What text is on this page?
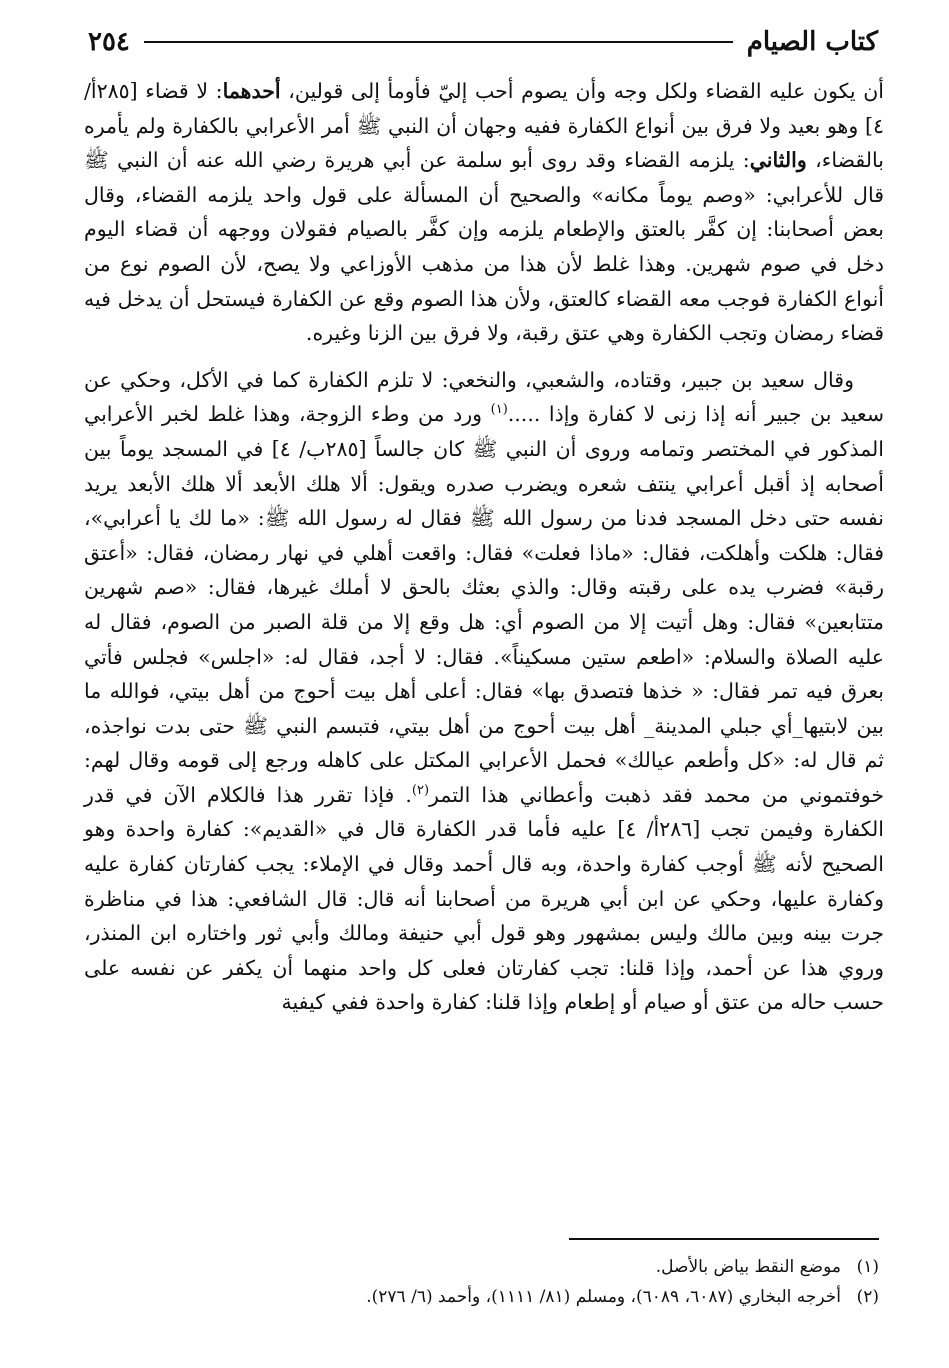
كتاب الصيام
٢٥٤

أن يكون عليه القضاء ولكل وجه وأن يصوم أحب إليّ فأومأ إلى قولين، أحدهما: لا قضاء [٢٨٥أ/ ٤] وهو بعيد ولا فرق بين أنواع الكفارة ففيه وجهان أن النبي ﷺ أمر الأعرابي بالكفارة ولم يأمره بالقضاء، والثاني: يلزمه القضاء وقد روى أبو سلمة عن أبي هريرة رضي الله عنه أن النبي ﷺ قال للأعرابي: «وصم يوماً مكانه» والصحيح أن المسألة على قول واحد يلزمه القضاء، وقال بعض أصحابنا: إن كفَّر بالعتق والإطعام يلزمه وإن كفَّر بالصيام فقولان ووجهه أن قضاء اليوم دخل في صوم شهرين. وهذا غلط لأن هذا من مذهب الأوزاعي ولا يصح، لأن الصوم نوع من أنواع الكفارة فوجب معه القضاء كالعتق، ولأن هذا الصوم وقع عن الكفارة فيستحل أن يدخل فيه قضاء رمضان وتجب الكفارة وهي عتق رقبة، ولا فرق بين الزنا وغيره.

وقال سعيد بن جبير، وقتاده، والشعبي، والنخعي: لا تلزم الكفارة كما في الأكل، وحكي عن سعيد بن جبير أنه إذا زنى لا كفارة وإذا .....$^{(١)}$ ورد من وطء الزوجة، وهذا غلط لخبر الأعرابي المذكور في المختصر وتمامه وروى أن النبي ﷺ كان جالساً [٢٨٥ب/ ٤] في المسجد يوماً بين أصحابه إذ أقبل أعرابي ينتف شعره ويضرب صدره ويقول: ألا هلك الأبعد ألا هلك الأبعد يريد نفسه حتى دخل المسجد فدنا من رسول الله ﷺ فقال له رسول الله ﷺ: «ما لك يا أعرابي»، فقال: هلكت وأهلكت، فقال: «ماذا فعلت» فقال: واقعت أهلي في نهار رمضان، فقال: «أعتق رقبة» فضرب يده على رقبته وقال: والذي بعثك بالحق لا أملك غيرها، فقال: «صم شهرين متتابعين» فقال: وهل أتيت إلا من الصوم أي: هل وقع إلا من قلة الصبر من الصوم، فقال له عليه الصلاة والسلام: «اطعم ستين مسكيناً». فقال: لا أجد، فقال له: «اجلس» فجلس فأتي بعرق فيه تمر فقال: « خذها فتصدق بها» فقال: أعلى أهل بيت أحوج من أهل بيتي، فوالله ما بين لابتيها_أي جبلي المدينة_ أهل بيت أحوج من أهل بيتي، فتبسم النبي ﷺ حتى بدت نواجذه، ثم قال له: «كل وأطعم عيالك» فحمل الأعرابي المكتل على كاهله ورجع إلى قومه وقال لهم: خوفتموني من محمد فقد ذهبت وأعطاني هذا التمر$^{(٢)}$. فإذا تقرر هذا فالكلام الآن في قدر الكفارة وفيمن تجب [٢٨٦أ/ ٤] عليه فأما قدر الكفارة قال في «القديم»: كفارة واحدة وهو الصحيح لأنه ﷺ أوجب كفارة واحدة، وبه قال أحمد وقال في الإملاء: يجب كفارتان كفارة عليه وكفارة عليها، وحكي عن ابن أبي هريرة من أصحابنا أنه قال: قال الشافعي: هذا في مناظرة جرت بينه وبين مالك وليس بمشهور وهو قول أبي حنيفة ومالك وأبي ثور واختاره ابن المنذر، وروي هذا عن أحمد، وإذا قلنا: تجب كفارتان فعلى كل واحد منهما أن يكفر عن نفسه على حسب حاله من عتق أو صيام أو إطعام وإذا قلنا: كفارة واحدة ففي كيفية

(١)
موضع النقط بياض بالأصل.
(٢)
أخرجه البخاري (٦٠٨٧، ٦٠٨٩)، ومسلم (٨١/ ١١١١)، وأحمد (٦/ ٢٧٦).
